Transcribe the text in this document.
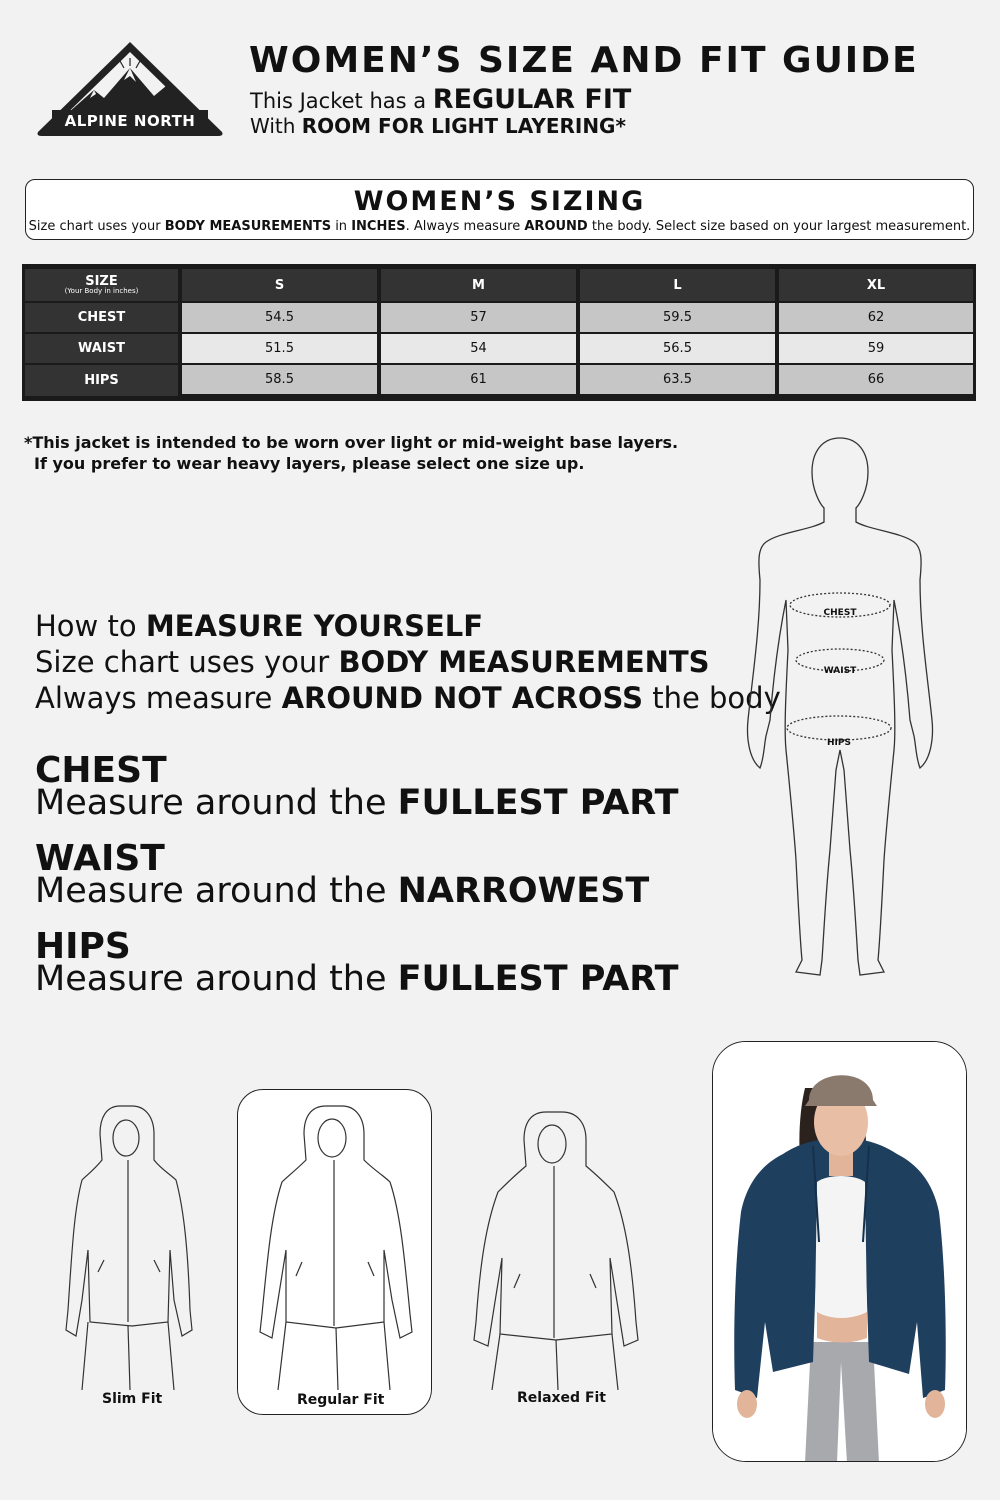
ALPINE NORTH
WOMEN’S SIZE AND FIT GUIDE
This Jacket has a REGULAR FIT
With ROOM FOR LIGHT LAYERING*
WOMEN’S SIZING
Size chart uses your BODY MEASUREMENTS in INCHES. Always measure AROUND the body. Select size based on your largest measurement.
SIZE
(Your Body in inches)	S	M	L	XL
CHEST	54.5	57	59.5	62
WAIST	51.5	54	56.5	59
HIPS	58.5	61	63.5	66
*This jacket is intended to be worn over light or mid-weight base layers.
If you prefer to wear heavy layers, please select one size up.
How to MEASURE YOURSELF
Size chart uses your BODY MEASUREMENTS
Always measure AROUND NOT ACROSS the body
CHEST
Measure around the FULLEST PART
WAIST
Measure around the NARROWEST
HIPS
Measure around the FULLEST PART
CHEST
WAIST
HIPS
Slim Fit	Regular Fit	Relaxed Fit
